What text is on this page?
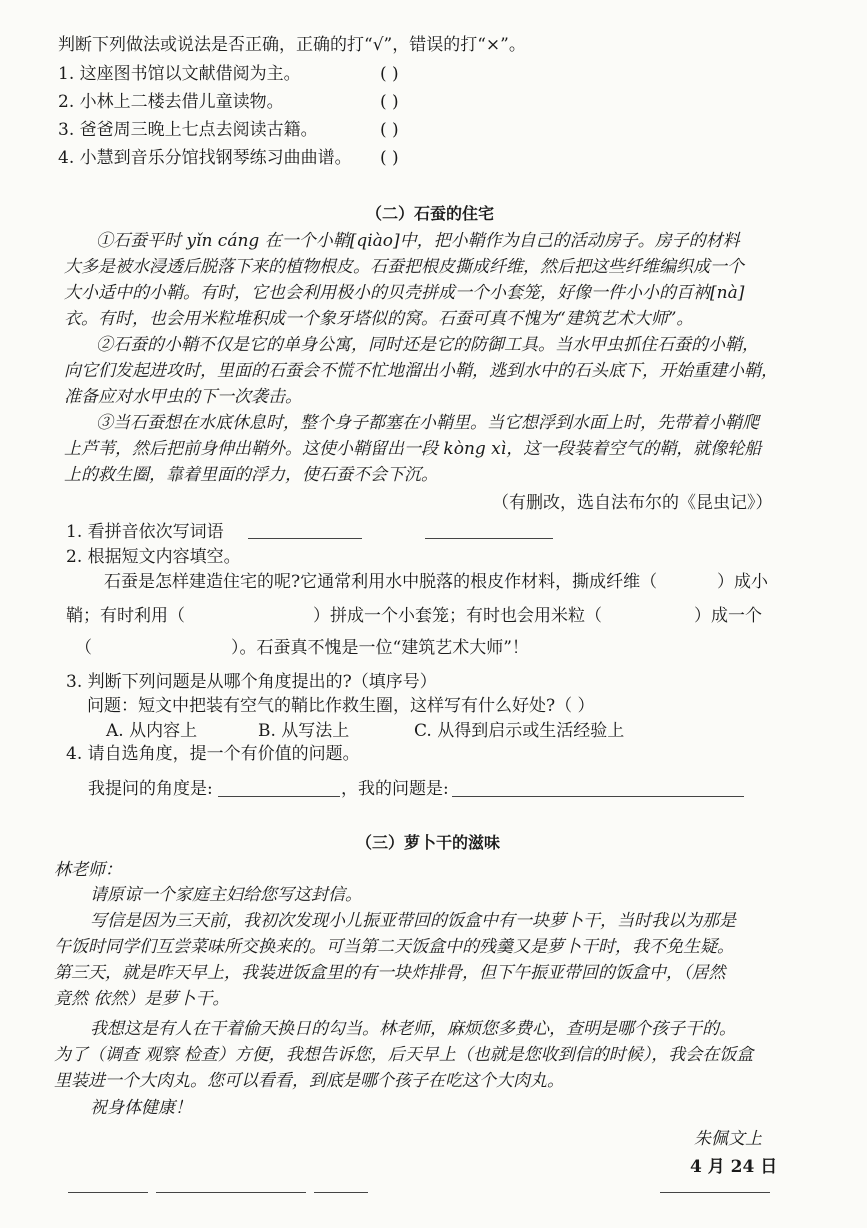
判断下列做法或说法是否正确，正确的打“√”，错误的打“×”。
1. 这座图书馆以文献借阅为主。	( )
2. 小林上二楼去借儿童读物。	( )
3. 爸爸周三晚上七点去阅读古籍。	( )
4. 小慧到音乐分馆找钢琴练习曲曲谱。 ( )
（二）石蚕的住宅
①石蚕平时 yǐn cáng 在一个小鞘[qiào]中，把小鞘作为自己的活动房子。房子的材料
大多是被水浸透后脱落下来的植物根皮。石蚕把根皮撕成纤维，然后把这些纤维编织成一个
大小适中的小鞘。有时，它也会利用极小的贝壳拼成一个小套笼，好像一件小小的百衲[nà]
衣。有时，也会用米粒堆积成一个象牙塔似的窝。石蚕可真不愧为“建筑艺术大师”。
②石蚕的小鞘不仅是它的单身公寓，同时还是它的防御工具。当水甲虫抓住石蚕的小鞘，
向它们发起进攻时，里面的石蚕会不慌不忙地溜出小鞘，逃到水中的石头底下，开始重建小鞘，
准备应对水甲虫的下一次袭击。
③当石蚕想在水底休息时，整个身子都塞在小鞘里。当它想浮到水面上时，先带着小鞘爬
上芦苇，然后把前身伸出鞘外。这使小鞘留出一段 kòng xì，这一段装着空气的鞘，就像轮船
上的救生圈，靠着里面的浮力，使石蚕不会下沉。
（有删改，选自法布尔的《昆虫记》）
1. 看拼音依次写词语
2. 根据短文内容填空。
石蚕是怎样建造住宅的呢?它通常利用水中脱落的根皮作材料，撕成纤维（	）成小
鞘；有时利用（	）拼成一个小套笼；有时也会用米粒（	）成一个
（	）。石蚕真不愧是一位“建筑艺术大师”！
3. 判断下列问题是从哪个角度提出的?（填序号）
问题：短文中把装有空气的鞘比作救生圈，这样写有什么好处?（ ）
A. 从内容上	B. 从写法上	C. 从得到启示或生活经验上
4. 请自选角度，提一个有价值的问题。
我提问的角度是:	，我的问题是:
（三）萝卜干的滋味
林老师：
请原谅一个家庭主妇给您写这封信。
写信是因为三天前，我初次发现小儿振亚带回的饭盒中有一块萝卜干，当时我以为那是
午饭时同学们互尝菜味所交换来的。可当第二天饭盒中的残羹又是萝卜干时，我不免生疑。
第三天，就是昨天早上，我装进饭盒里的有一块炸排骨，但下午振亚带回的饭盒中，（居然
竟然 依然）是萝卜干。
我想这是有人在干着偷天换日的勾当。林老师，麻烦您多费心，查明是哪个孩子干的。
为了（调查 观察 检查）方便，我想告诉您，后天早上（也就是您收到信的时候），我会在饭盒
里装进一个大肉丸。您可以看看，到底是哪个孩子在吃这个大肉丸。
祝身体健康！
朱佩文上
4 月 24 日
